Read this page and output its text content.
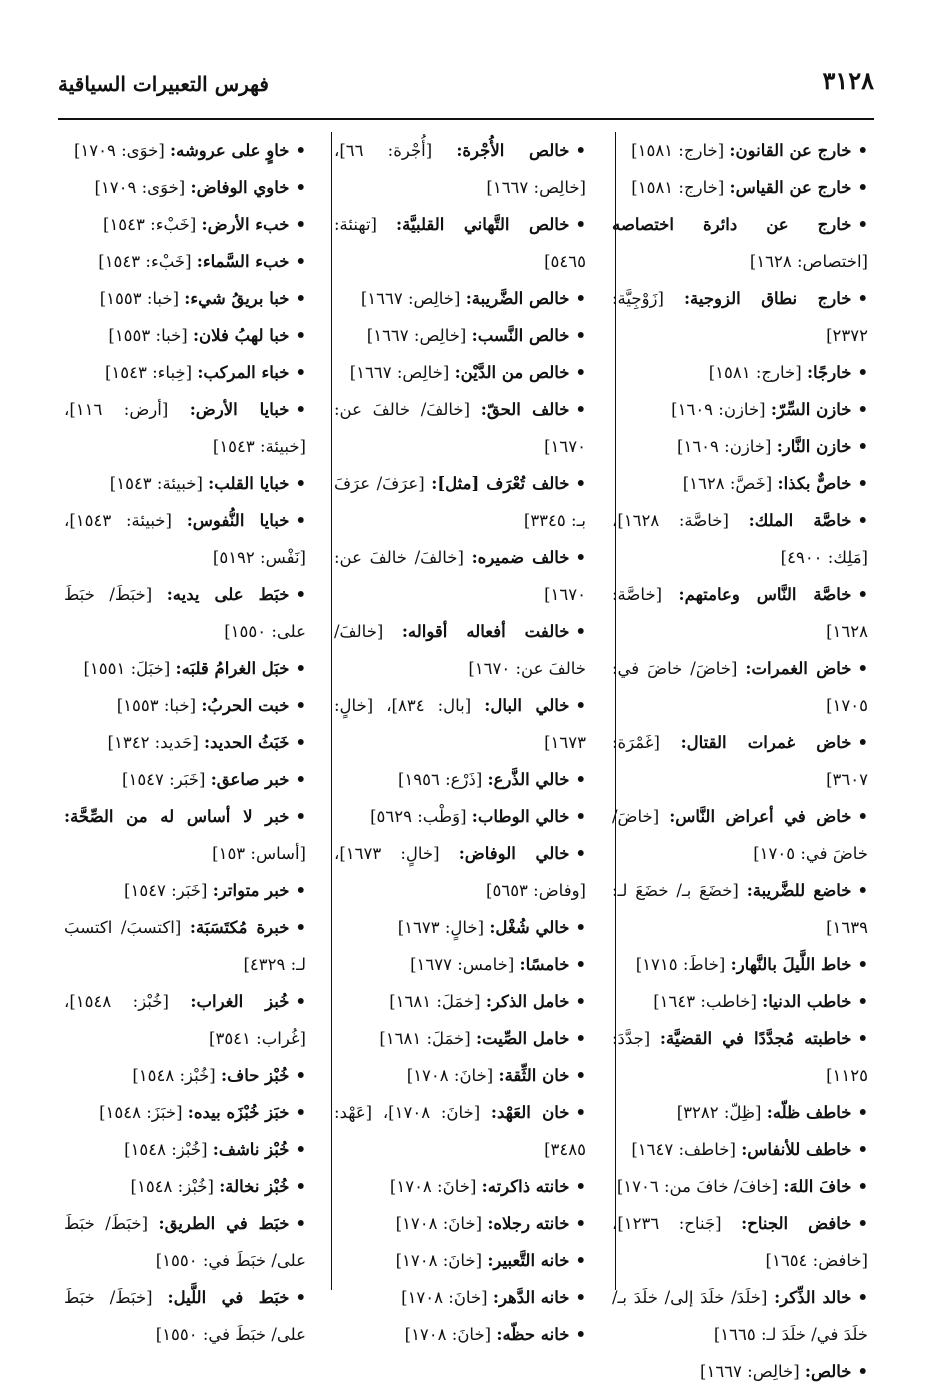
٣١٢٨
فهرس التعبيرات السياقية

•خارج عن القانون: [خارج: ١٥٨١]

•خارج عن القياس: [خارج: ١٥٨١]

•خارج عن دائرة اختصاصه [اختصاص: ١٦٢٨]

•خارج نطاق الزوجية: [زَوْجِيَّة: ٢٣٧٢]

•خارجًا: [خارج: ١٥٨١]

•خازن السِّرّ: [خازن: ١٦٠٩]

•خازن النَّار: [خازن: ١٦٠٩]

•خاصٌّ بكذا: [خَصَّ: ١٦٢٨]

•خاصَّة الملك: [خاصَّة: ١٦٢٨]، [مَلِك: ٤٩٠٠]

•خاصَّة النَّاس وعامتهم: [خاصَّة: ١٦٢٨]

•خاض الغمرات: [خاضَ/ خاضَ في: ١٧٠٥]

•خاض غمرات القتال: [غَمْرَة: ٣٦٠٧]

•خاض في أعراض النَّاس: [خاضَ/ خاضَ في: ١٧٠٥]

•خاضع للضَّريبة: [خضَعَ بـ/ خضَعَ لـ: ١٦٣٩]

•خاط اللَّيلَ بالنَّهار: [خاطَ: ١٧١٥]

•خاطب الدنيا: [خاطب: ١٦٤٣]

•خاطبته مُجدَّدًا في القضيَّة: [جدَّدَ: ١١٢٥]

•خاطف ظلّه: [ظِلّ: ٣٢٨٢]

•خاطف للأنفاس: [خاطف: ١٦٤٧]

•خافَ اللهَ: [خافَ/ خافَ من: ١٧٠٦]

•خافض الجناح: [جَناح: ١٢٣٦]، [خافض: ١٦٥٤]

•خالد الذِّكر: [خلَدَ/ خلَدَ إلى/ خلَدَ بـ/ خلَدَ في/ خلَدَ لـ: ١٦٦٥]

•خالص: [خالِص: ١٦٦٧]

•خالص الأُجْرة: [أُجْرة: ٦٦]، [خالِص: ١٦٦٧]

•خالص التَّهاني القلبيَّة: [تهنئة: ٥٤٦٥]

•خالص الضَّريبة: [خالِص: ١٦٦٧]

•خالص النَّسب: [خالِص: ١٦٦٧]

•خالص من الدَّيْن: [خالِص: ١٦٦٧]

•خالف الحقّ: [خالفَ/ خالفَ عن: ١٦٧٠]

•خالف تُعْرَف [مثل]: [عرَفَ/ عرَفَ بـ: ٣٣٤٥]

•خالف ضميره: [خالفَ/ خالفَ عن: ١٦٧٠]

•خالفت أفعاله أقواله: [خالفَ/ خالفَ عن: ١٦٧٠]

•خالي البال: [بال: ٨٣٤]، [خالٍ: ١٦٧٣]

•خالي الذَّرع: [ذَرْع: ١٩٥٦]

•خالي الوطاب: [وَطْب: ٥٦٢٩]

•خالي الوفاض: [خالٍ: ١٦٧٣]، [وفاض: ٥٦٥٣]

•خالي شُغْل: [خالٍ: ١٦٧٣]

•خامسًا: [خامس: ١٦٧٧]

•خامل الذكر: [خمَلَ: ١٦٨١]

•خامل الصِّيت: [خمَلَ: ١٦٨١]

•خان الثِّقة: [خانَ: ١٧٠٨]

•خان العَهْد: [خانَ: ١٧٠٨]، [عَهْد: ٣٤٨٥]

•خانته ذاكرته: [خانَ: ١٧٠٨]

•خانته رجلاه: [خانَ: ١٧٠٨]

•خانه التَّعبير: [خانَ: ١٧٠٨]

•خانه الدَّهر: [خانَ: ١٧٠٨]

•خانه حظّه: [خانَ: ١٧٠٨]

•خاوٍ على عروشه: [خوَى: ١٧٠٩]

•خاوي الوفاض: [خوَى: ١٧٠٩]

•خبء الأرض: [خَبْء: ١٥٤٣]

•خبء السَّماء: [خَبْء: ١٥٤٣]

•خبا بريقُ شيء: [خبا: ١٥٥٣]

•خبا لهبُ فلان: [خبا: ١٥٥٣]

•خباء المركب: [خِباء: ١٥٤٣]

•خبايا الأرض: [أرض: ١١٦]، [خبيئة: ١٥٤٣]

•خبايا القلب: [خبيئة: ١٥٤٣]

•خبايا النُّفوس: [خبيئة: ١٥٤٣]، [نَفْس: ٥١٩٢]

•خبَط على يديه: [خبَطَ/ خبَطَ على: ١٥٥٠]

•خبَل الغرامُ قلبَه: [خبَلَ: ١٥٥١]

•خبت الحربُ: [خبا: ١٥٥٣]

•خَبَثُ الحديد: [حَديد: ١٣٤٢]

•خبر صاعق: [خَبَر: ١٥٤٧]

•خبر لا أساس له من الصِّحَّة: [أساس: ١٥٣]

•خبر متواتر: [خَبَر: ١٥٤٧]

•خبرة مُكتَسَبَة: [اكتسبَ/ اكتسبَ لـ: ٤٣٢٩]

•خُبز الغراب: [خُبْز: ١٥٤٨]، [غُراب: ٣٥٤١]

•خُبْز حاف: [خُبْز: ١٥٤٨]

•خبَز خُبْزَه بيده: [خبَزَ: ١٥٤٨]

•خُبْز ناشف: [خُبْز: ١٥٤٨]

•خُبْز نخالة: [خُبْز: ١٥٤٨]

•خبَط في الطريق: [خبَطَ/ خبَطَ على/ خبَطَ في: ١٥٥٠]

•خبَط في اللَّيل: [خبَطَ/ خبَطَ على/ خبَطَ في: ١٥٥٠]
